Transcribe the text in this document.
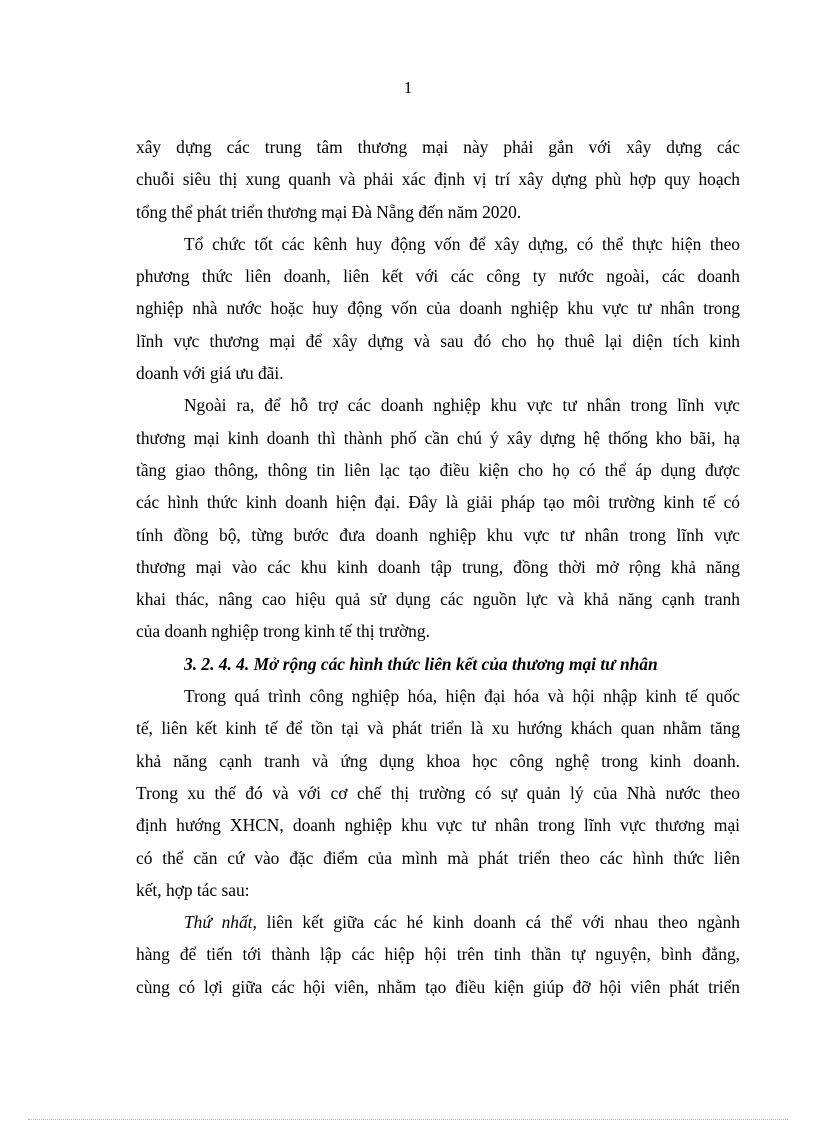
1
xây dựng các trung tâm thương mại này phải gắn với xây dựng các
chuỗi siêu thị xung quanh và phải xác định vị trí xây dựng phù hợp quy hoạch
tổng thể phát triển thương mại Đà Nẵng đến năm 2020.
Tổ chức tốt các kênh huy động vốn để xây dựng, có thể thực hiện theo
phương thức liên doanh, liên kết với các công ty nước ngoài, các doanh
nghiệp nhà nước hoặc huy động vốn của doanh nghiệp khu vực tư nhân trong
lĩnh vực thương mại để xây dựng và sau đó cho họ thuê lại diện tích kinh
doanh với giá ưu đãi.
Ngoài ra, để hỗ trợ các doanh nghiệp khu vực tư nhân trong lĩnh vực
thương mại kinh doanh thì thành phố cần chú ý xây dựng hệ thống kho bãi, hạ
tầng giao thông, thông tin liên lạc tạo điều kiện cho họ có thể áp dụng được
các hình thức kinh doanh hiện đại. Đây là giải pháp tạo môi trường kinh tế có
tính đồng bộ, từng bước đưa doanh nghiệp khu vực tư nhân trong lĩnh vực
thương mại vào các khu kinh doanh tập trung, đồng thời mở rộng khả năng
khai thác, nâng cao hiệu quả sử dụng các nguồn lực và khả năng cạnh tranh
của doanh nghiệp trong kinh tế thị trường.
3. 2. 4. 4. Mở rộng các hình thức liên kết của thương mại tư nhân
Trong quá trình công nghiệp hóa, hiện đại hóa và hội nhập kinh tế quốc
tế, liên kết kinh tế để tồn tại và phát triển là xu hướng khách quan nhằm tăng
khả năng cạnh tranh và ứng dụng khoa học công nghệ trong kinh doanh.
Trong xu thế đó và với cơ chế thị trường có sự quản lý của Nhà nước theo
định hướng XHCN, doanh nghiệp khu vực tư nhân trong lĩnh vực thương mại
có thể căn cứ vào đặc điểm của mình mà phát triển theo các hình thức liên
kết, hợp tác sau:
Thứ nhất, liên kết giữa các hé kinh doanh cá thể với nhau theo ngành
hàng để tiến tới thành lập các hiệp hội trên tinh thần tự nguyện, bình đẳng,
cùng có lợi giữa các hội viên, nhằm tạo điều kiện giúp đỡ hội viên phát triển
